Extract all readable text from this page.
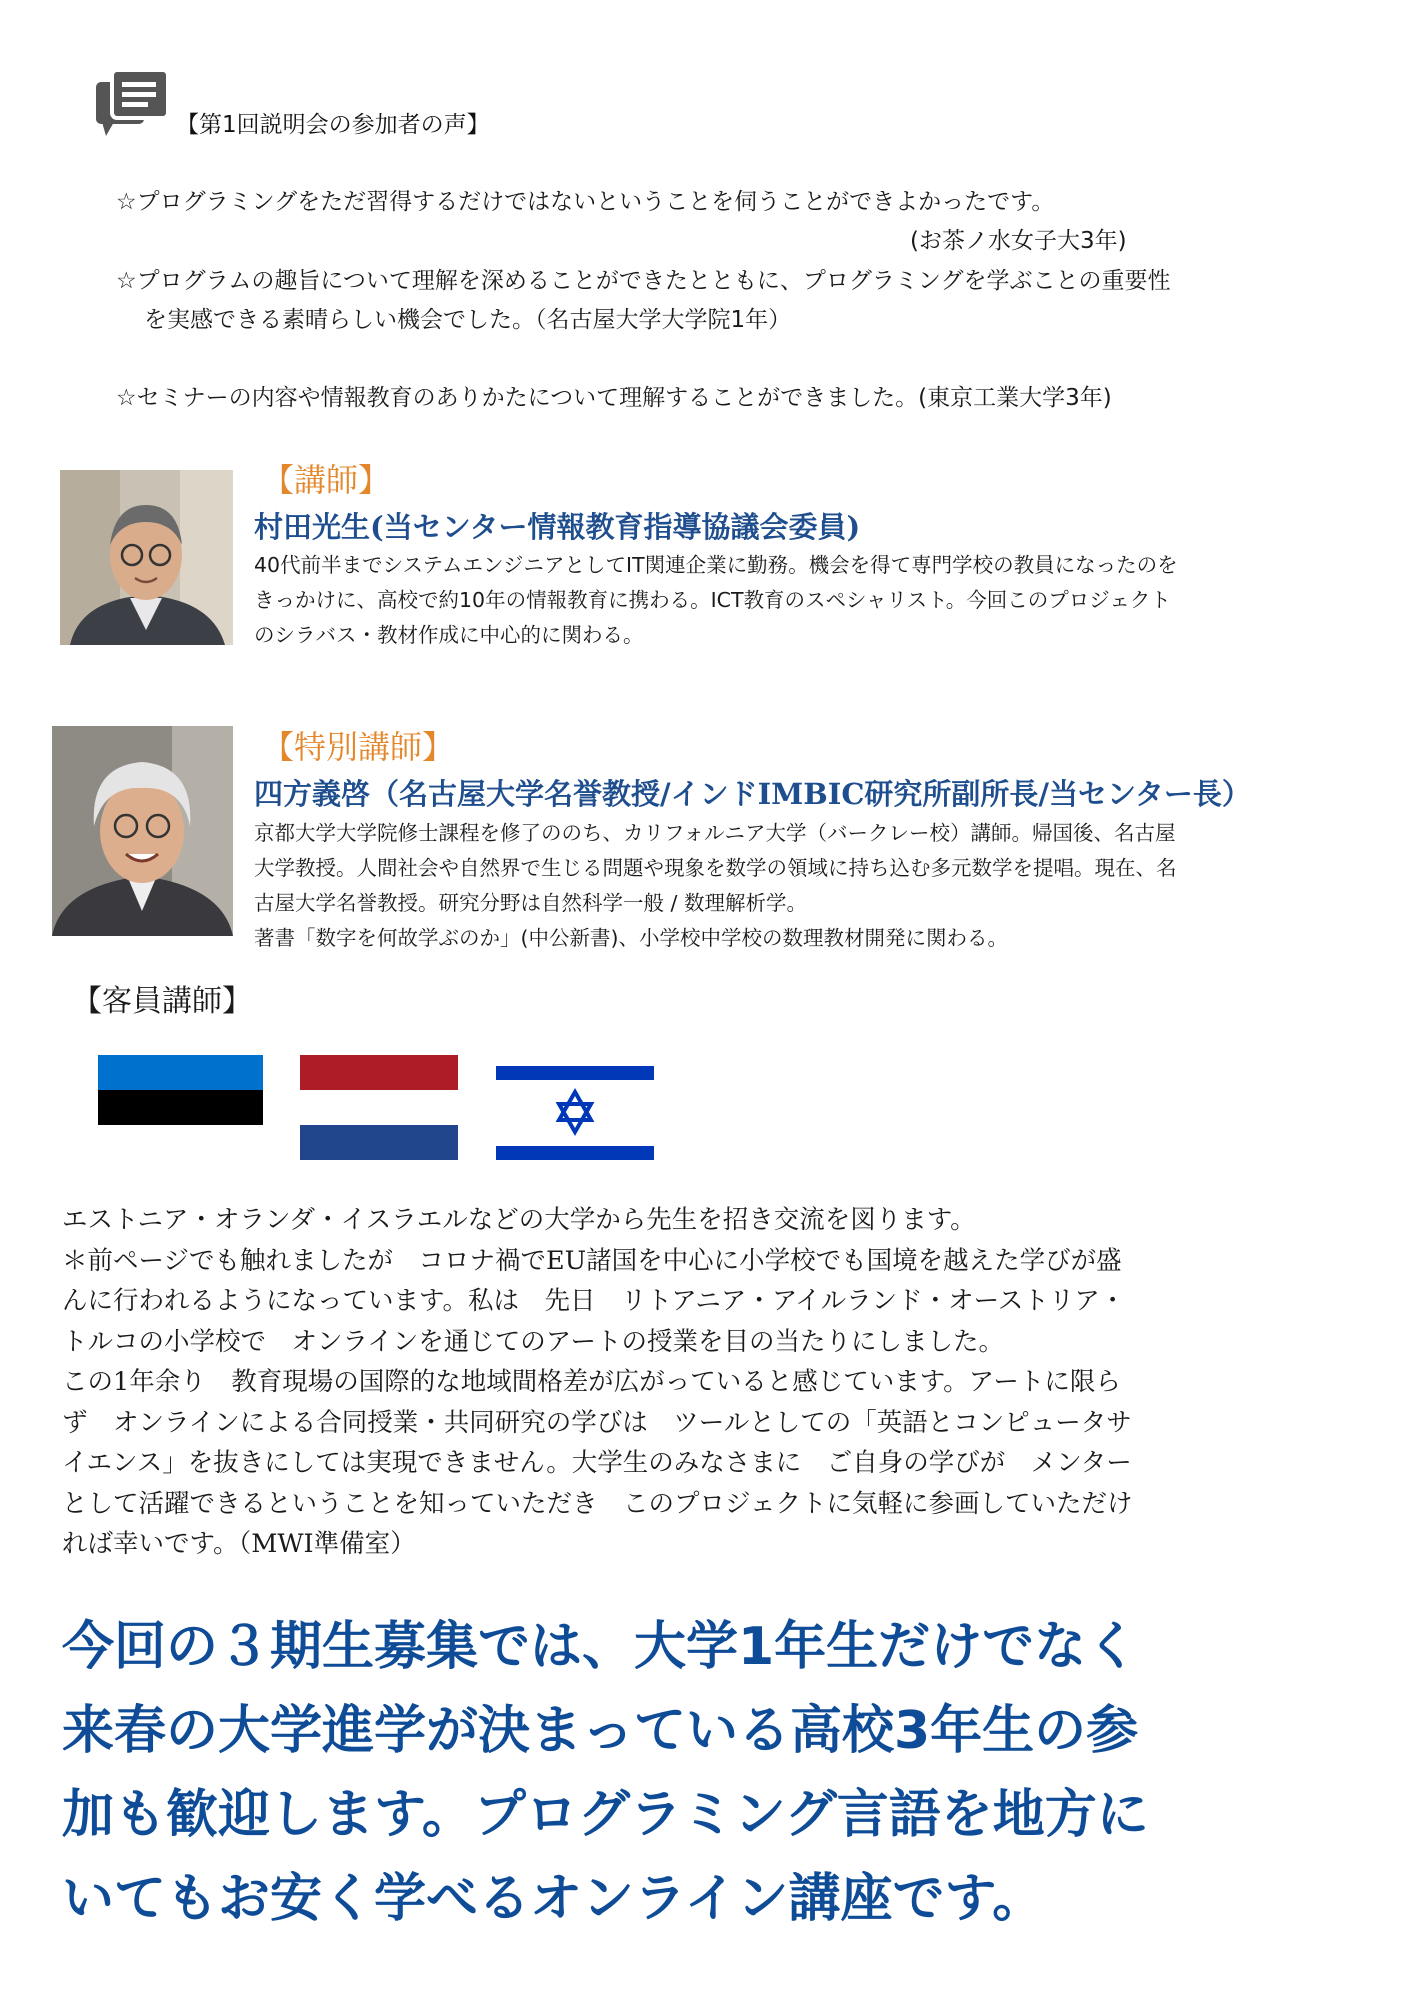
【第1回説明会の参加者の声】
☆プログラミングをただ習得するだけではないということを伺うことができよかったです。
(お茶ノ水女子大3年)
☆プログラムの趣旨について理解を深めることができたとともに、プログラミングを学ぶことの重要性
を実感できる素晴らしい機会でした。（名古屋大学大学院1年）
☆セミナーの内容や情報教育のありかたについて理解することができました。(東京工業大学3年)
【講師】
村田光生(当センター情報教育指導協議会委員)
40代前半までシステムエンジニアとしてIT関連企業に勤務。機会を得て専門学校の教員になったのを
きっかけに、高校で約10年の情報教育に携わる。ICT教育のスペシャリスト。今回このプロジェクト
のシラバス・教材作成に中心的に関わる。
【特別講師】
四方義啓（名古屋大学名誉教授/インドIMBIC研究所副所長/当センター長）
京都大学大学院修士課程を修了ののち、カリフォルニア大学（バークレー校）講師。帰国後、名古屋
大学教授。人間社会や自然界で生じる問題や現象を数学の領域に持ち込む多元数学を提唱。現在、名
古屋大学名誉教授。研究分野は自然科学一般 / 数理解析学。
著書「数字を何故学ぶのか」(中公新書)、小学校中学校の数理教材開発に関わる。
【客員講師】

エストニア・オランダ・イスラエルなどの大学から先生を招き交流を図ります。

＊前ページでも触れましたが　コロナ禍でEU諸国を中心に小学校でも国境を越えた学びが盛

んに行われるようになっています。私は　先日　リトアニア・アイルランド・オーストリア・

トルコの小学校で　オンラインを通じてのアートの授業を目の当たりにしました。

この1年余り　教育現場の国際的な地域間格差が広がっていると感じています。アートに限ら

ず　オンラインによる合同授業・共同研究の学びは　ツールとしての「英語とコンピュータサ

イエンス」を抜きにしては実現できません。大学生のみなさまに　ご自身の学びが　メンター

として活躍できるということを知っていただき　このプロジェクトに気軽に参画していただけ

れば幸いです。（MWI準備室）

今回の３期生募集では、大学1年生だけでなく

来春の大学進学が決まっている高校3年生の参

加も歓迎します。プログラミング言語を地方に

いてもお安く学べるオンライン講座です。
